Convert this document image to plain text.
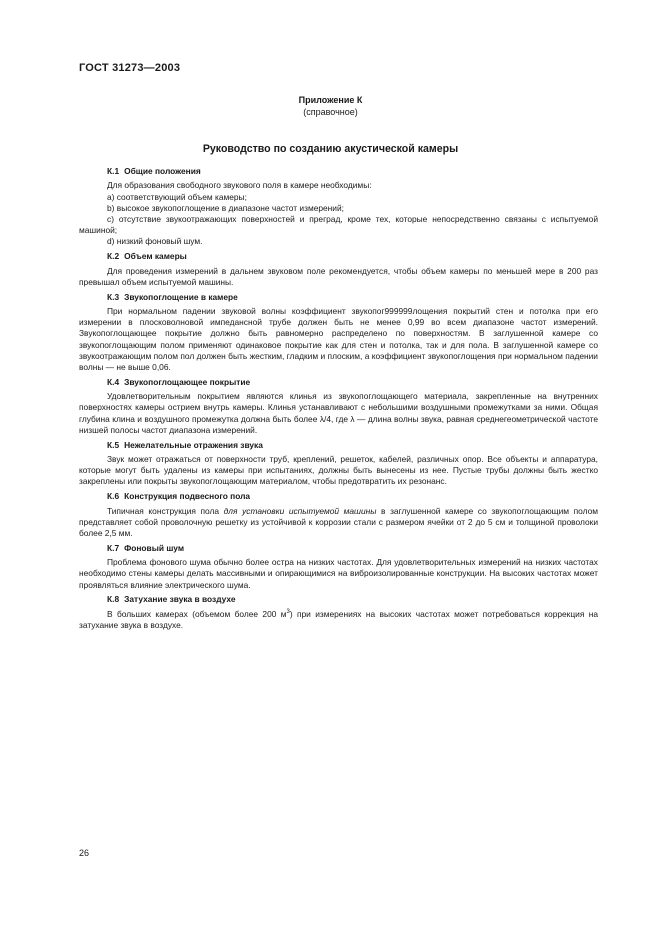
ГОСТ 31273—2003
Приложение К
(справочное)
Руководство по созданию акустической камеры
К.1 Общие положения

Для образования свободного звукового поля в камере необходимы:

a) соответствующий объем камеры;

b) высокое звукопоглощение в диапазоне частот измерений;

c) отсутствие звукоотражающих поверхностей и преград, кроме тех, которые непосредственно связаны с испытуемой машиной;

d) низкий фоновый шум.

К.2 Объем камеры

Для проведения измерений в дальнем звуковом поле рекомендуется, чтобы объем камеры по меньшей мере в 200 раз превышал объем испытуемой машины.

К.3 Звукопоглощение в камере

При нормальном падении звуковой волны коэффициент звукопог999999лощения покрытий стен и потолка при его измерении в плосковолновой импедансной трубе должен быть не менее 0,99 во всем диапазоне частот измерений. Звукопоглощающее покрытие должно быть равномерно распределено по поверхностям. В заглушенной камере со звукопоглощающим полом применяют одинаковое покрытие как для стен и потолка, так и для пола. В заглушенной камере со звукоотражающим полом пол должен быть жестким, гладким и плоским, а коэффициент звукопоглощения при нормальном падении волны — не выше 0,06.

К.4 Звукопоглощающее покрытие

Удовлетворительным покрытием являются клинья из звукопоглощающего материала, закрепленные на внутренних поверхностях камеры острием внутрь камеры. Клинья устанавливают с небольшими воздушными промежутками за ними. Общая глубина клина и воздушного промежутка должна быть более λ/4, где λ — длина волны звука, равная среднегеометрической частоте низшей полосы частот диапазона измерений.

К.5 Нежелательные отражения звука

Звук может отражаться от поверхности труб, креплений, решеток, кабелей, различных опор. Все объекты и аппаратура, которые могут быть удалены из камеры при испытаниях, должны быть вынесены из нее. Пустые трубы должны быть жестко закреплены или покрыты звукопоглощающим материалом, чтобы предотвратить их резонанс.

К.6 Конструкция подвесного пола

Типичная конструкция пола для установки испытуемой машины в заглушенной камере со звукопоглощающим полом представляет собой проволочную решетку из устойчивой к коррозии стали с размером ячейки от 2 до 5 см и толщиной проволоки более 2,5 мм.

К.7 Фоновый шум

Проблема фонового шума обычно более остра на низких частотах. Для удовлетворительных измерений на низких частотах необходимо стены камеры делать массивными и опирающимися на виброизолированные конструкции. На высоких частотах может проявляться влияние электрического шума.

К.8 Затухание звука в воздухе

В больших камерах (объемом более 200 $м^3$) при измерениях на высоких частотах может потребоваться коррекция на затухание звука в воздухе.

26
